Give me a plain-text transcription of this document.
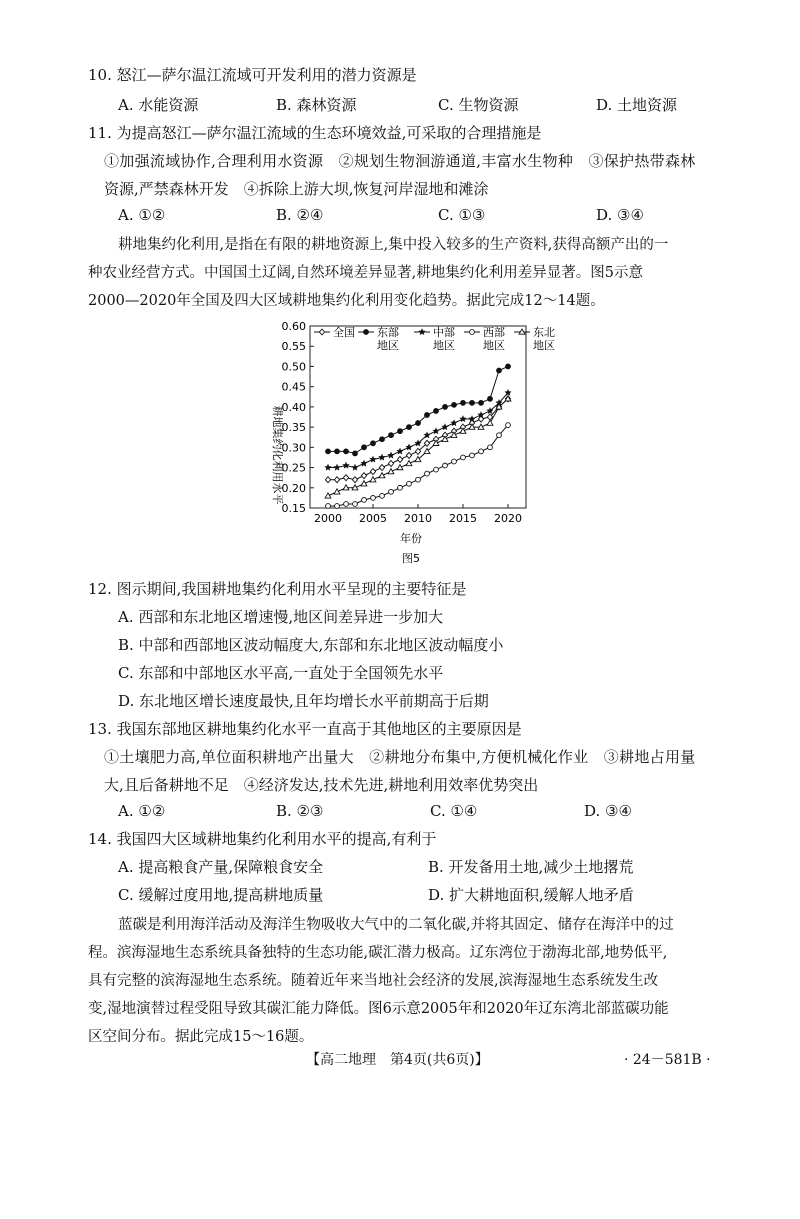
10. 怒江—萨尔温江流域可开发利用的潜力资源是
A. 水能资源	B. 森林资源	C. 生物资源	D. 土地资源
11. 为提高怒江—萨尔温江流域的生态环境效益,可采取的合理措施是
①加强流域协作,合理利用水资源　②规划生物洄游通道,丰富水生物种　③保护热带森林
资源,严禁森林开发　④拆除上游大坝,恢复河岸湿地和滩涂
A. ①②	B. ②④	C. ①③	D. ③④
耕地集约化利用,是指在有限的耕地资源上,集中投入较多的生产资料,获得高额产出的一
种农业经营方式。中国国土辽阔,自然环境差异显著,耕地集约化利用差异显著。图5示意
2000—2020年全国及四大区域耕地集约化利用变化趋势。据此完成12～14题。
0.15
0.20
0.25
0.30
0.35
0.40
0.45
0.50
0.55
0.60
2000 2005 2010 2015 2020
全国 东部
地区
中部
地区
西部
地区
东北
地区
耕地集约化利用水平
年份
图5
12. 图示期间,我国耕地集约化利用水平呈现的主要特征是
A. 西部和东北地区增速慢,地区间差异进一步加大
B. 中部和西部地区波动幅度大,东部和东北地区波动幅度小
C. 东部和中部地区水平高,一直处于全国领先水平
D. 东北地区增长速度最快,且年均增长水平前期高于后期
13. 我国东部地区耕地集约化水平一直高于其他地区的主要原因是
①土壤肥力高,单位面积耕地产出量大　②耕地分布集中,方便机械化作业　③耕地占用量
大,且后备耕地不足　④经济发达,技术先进,耕地利用效率优势突出
A. ①②	B. ②③	C. ①④	D. ③④
14. 我国四大区域耕地集约化利用水平的提高,有利于
A. 提高粮食产量,保障粮食安全	B. 开发备用土地,减少土地撂荒
C. 缓解过度用地,提高耕地质量	D. 扩大耕地面积,缓解人地矛盾
蓝碳是利用海洋活动及海洋生物吸收大气中的二氧化碳,并将其固定、储存在海洋中的过
程。滨海湿地生态系统具备独特的生态功能,碳汇潜力极高。辽东湾位于渤海北部,地势低平,
具有完整的滨海湿地生态系统。随着近年来当地社会经济的发展,滨海湿地生态系统发生改
变,湿地演替过程受阻导致其碳汇能力降低。图6示意2005年和2020年辽东湾北部蓝碳功能
区空间分布。据此完成15～16题。
【高二地理　第4页(共6页)】	· 24－581B ·
